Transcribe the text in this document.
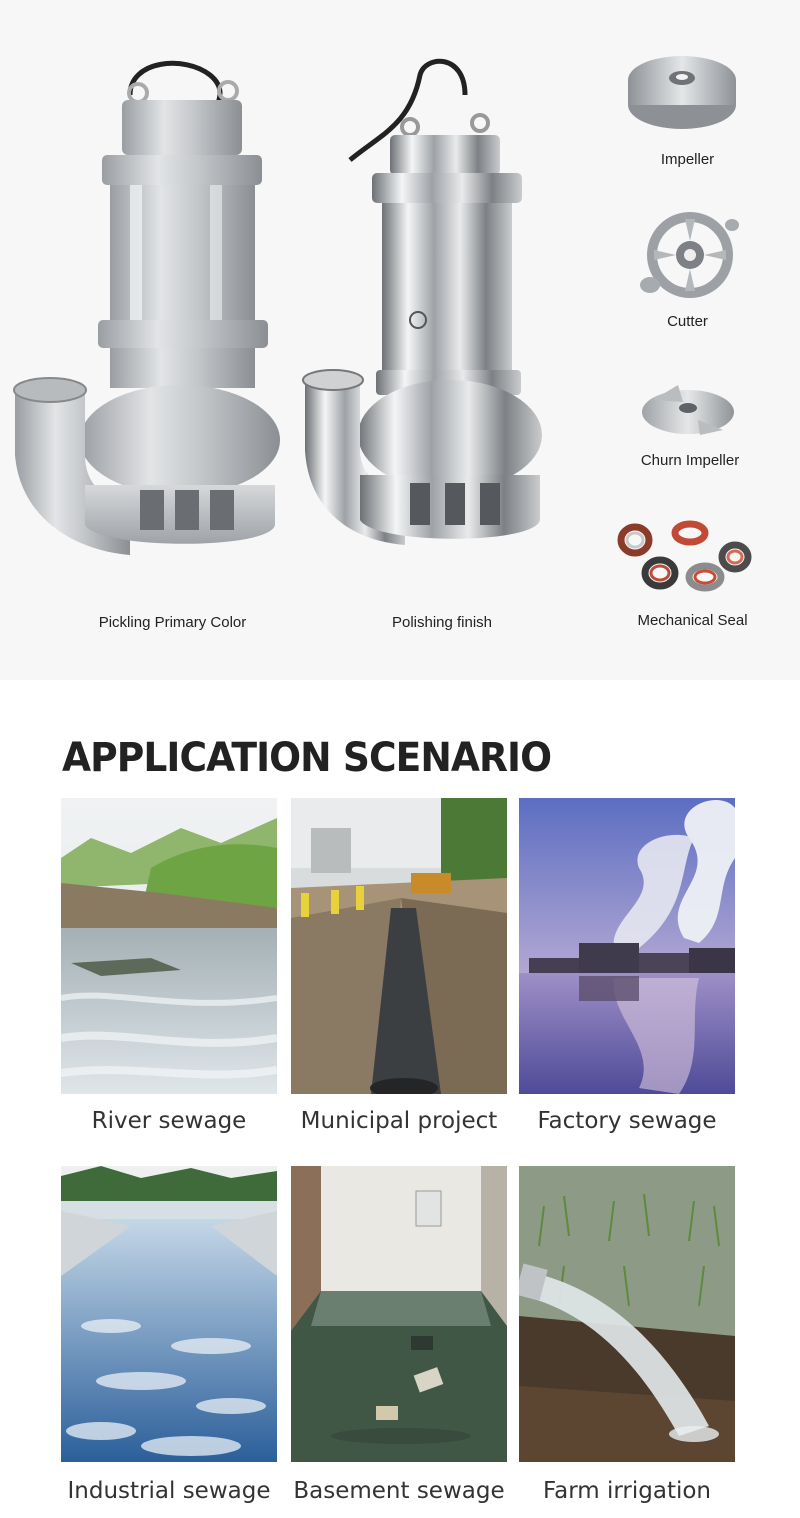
Pickling Primary Color	Polishing finish
Impeller
Cutter
Churn Impeller
Mechanical Seal
APPLICATION SCENARIO
River sewage	Municipal project	Factory sewage
Industrial sewage Basement sewage	Farm irrigation
